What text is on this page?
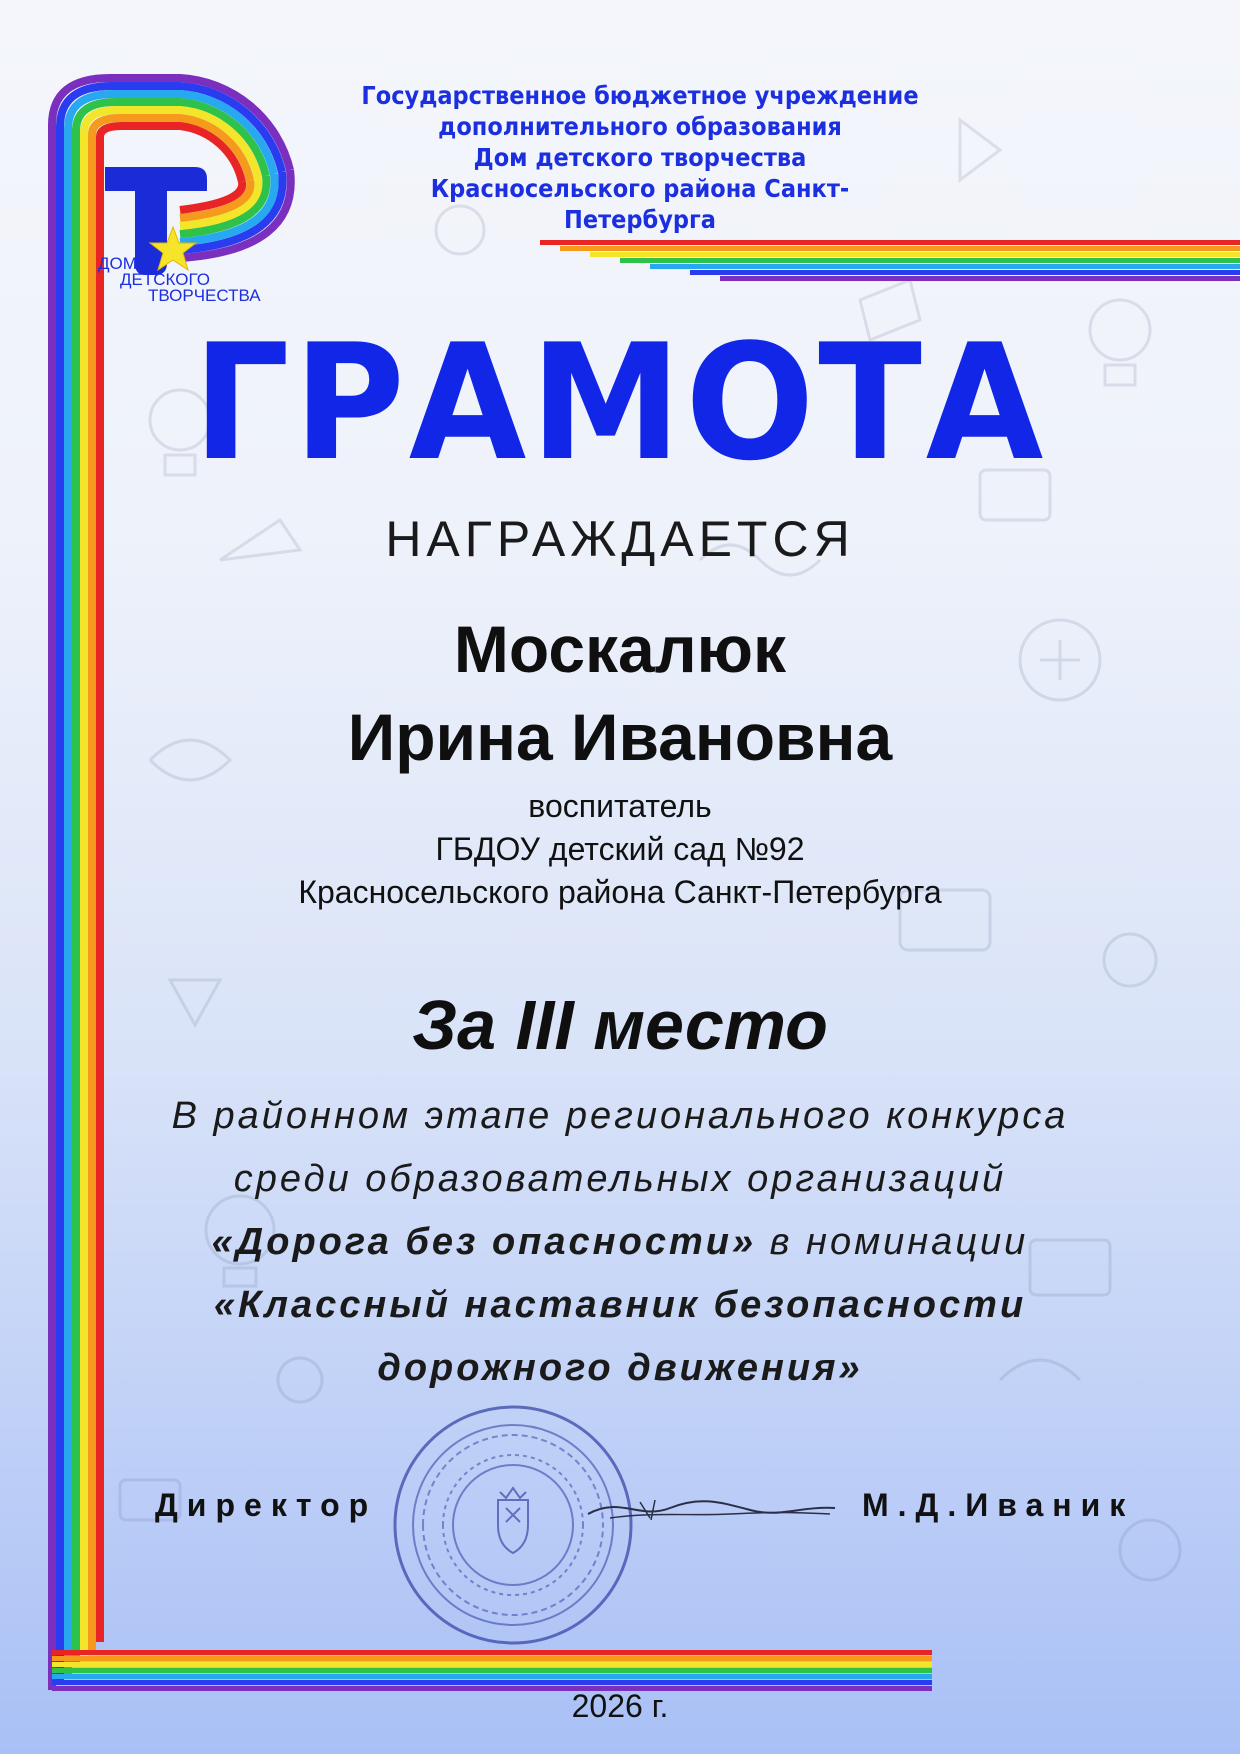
ДОМ
ДЕТСКОГО
ТВОРЧЕСТВА
Государственное бюджетное учреждение
дополнительного образования
Дом детского творчества
Красносельского района Санкт-Петербурга
ГРАМОТА
НАГРАЖДАЕТСЯ
Москалюк
Ирина Ивановна
воспитатель
ГБДОУ детский сад №92
Красносельского района Санкт-Петербурга
За III место
В районном этапе регионального конкурса
среди образовательных организаций
«Дорога без опасности» в номинации
«Классный наставник безопасности
дорожного движения»
Директор	М.Д.Иваник
2026 г.
